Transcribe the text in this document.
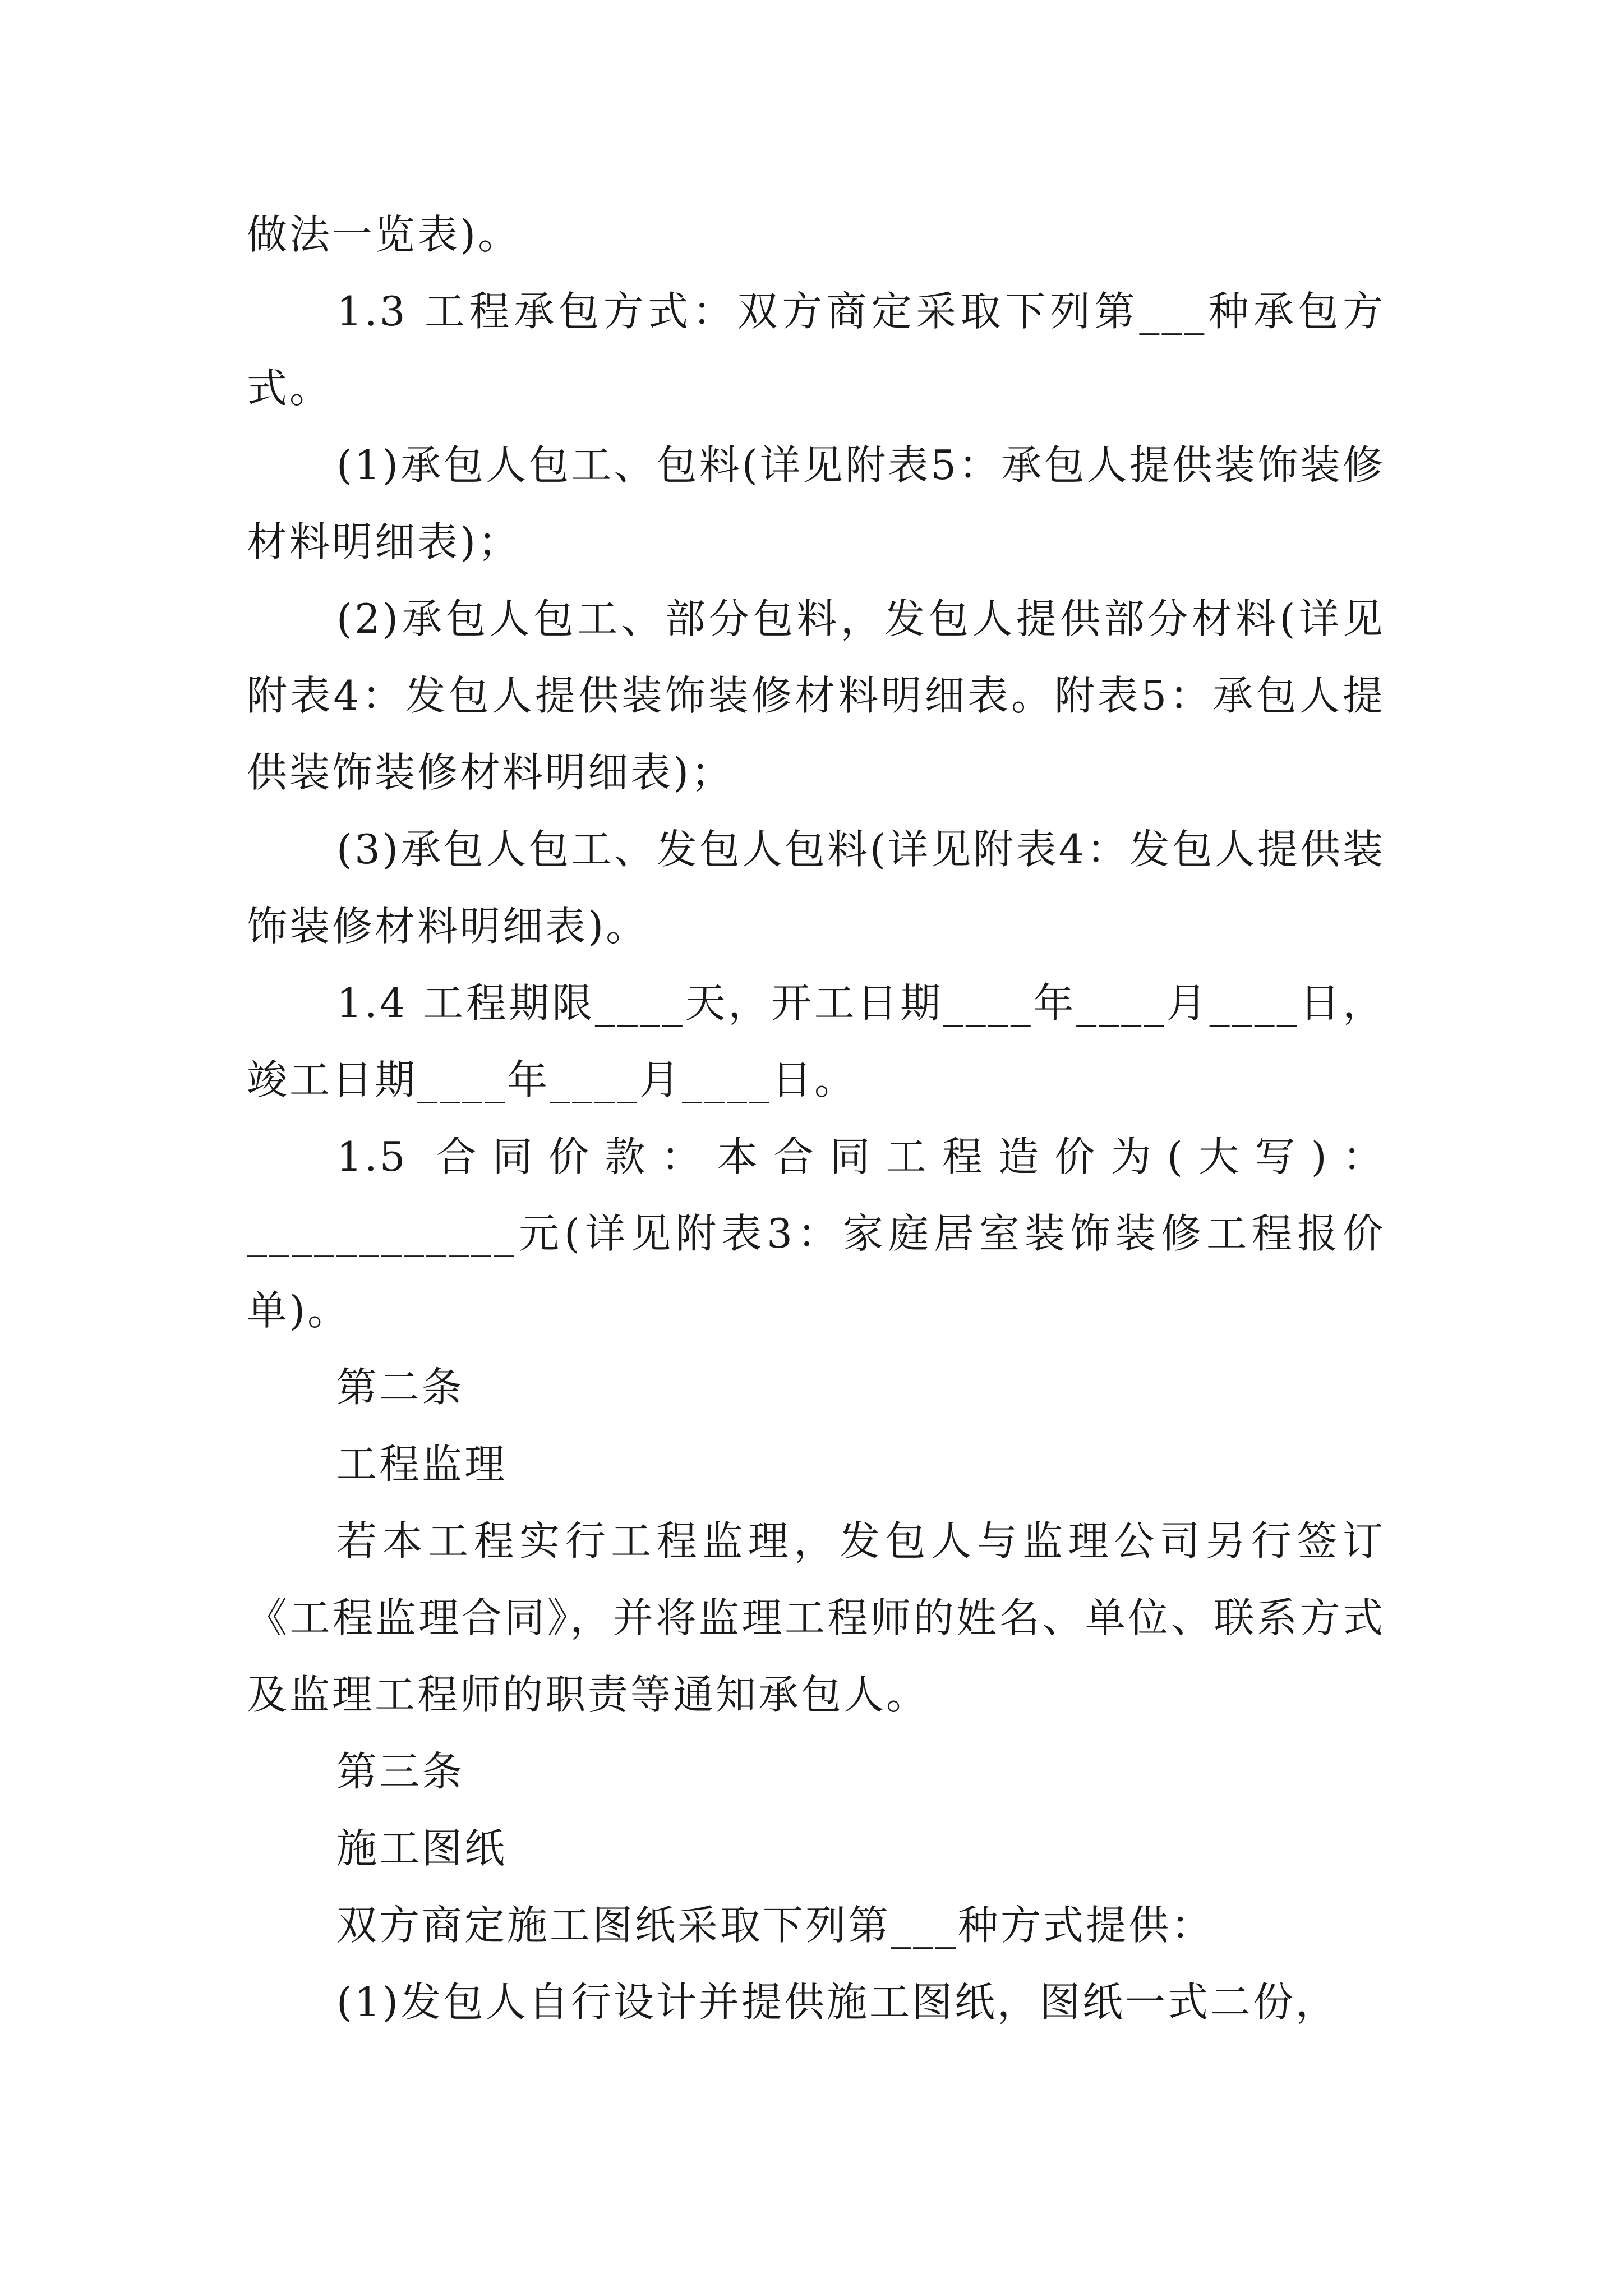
做法一览表)。

1.3 工程承包方式：双方商定采取下列第___种承包方式。

(1)承包人包工、包料(详见附表5：承包人提供装饰装修材料明细表)；

(2)承包人包工、部分包料，发包人提供部分材料(详见附表4：发包人提供装饰装修材料明细表。附表5：承包人提供装饰装修材料明细表)；

(3)承包人包工、发包人包料(详见附表4：发包人提供装饰装修材料明细表)。

1.4 工程期限____天，开工日期____年____月____日，竣工日期____年____月____日。

1.5 合同价款：本合同工程造价为(大写)：____________元(详见附表3：家庭居室装饰装修工程报价单)。

第二条

工程监理

若本工程实行工程监理，发包人与监理公司另行签订《工程监理合同》，并将监理工程师的姓名、单位、联系方式及监理工程师的职责等通知承包人。

第三条

施工图纸

双方商定施工图纸采取下列第___种方式提供：

(1)发包人自行设计并提供施工图纸，图纸一式二份，
